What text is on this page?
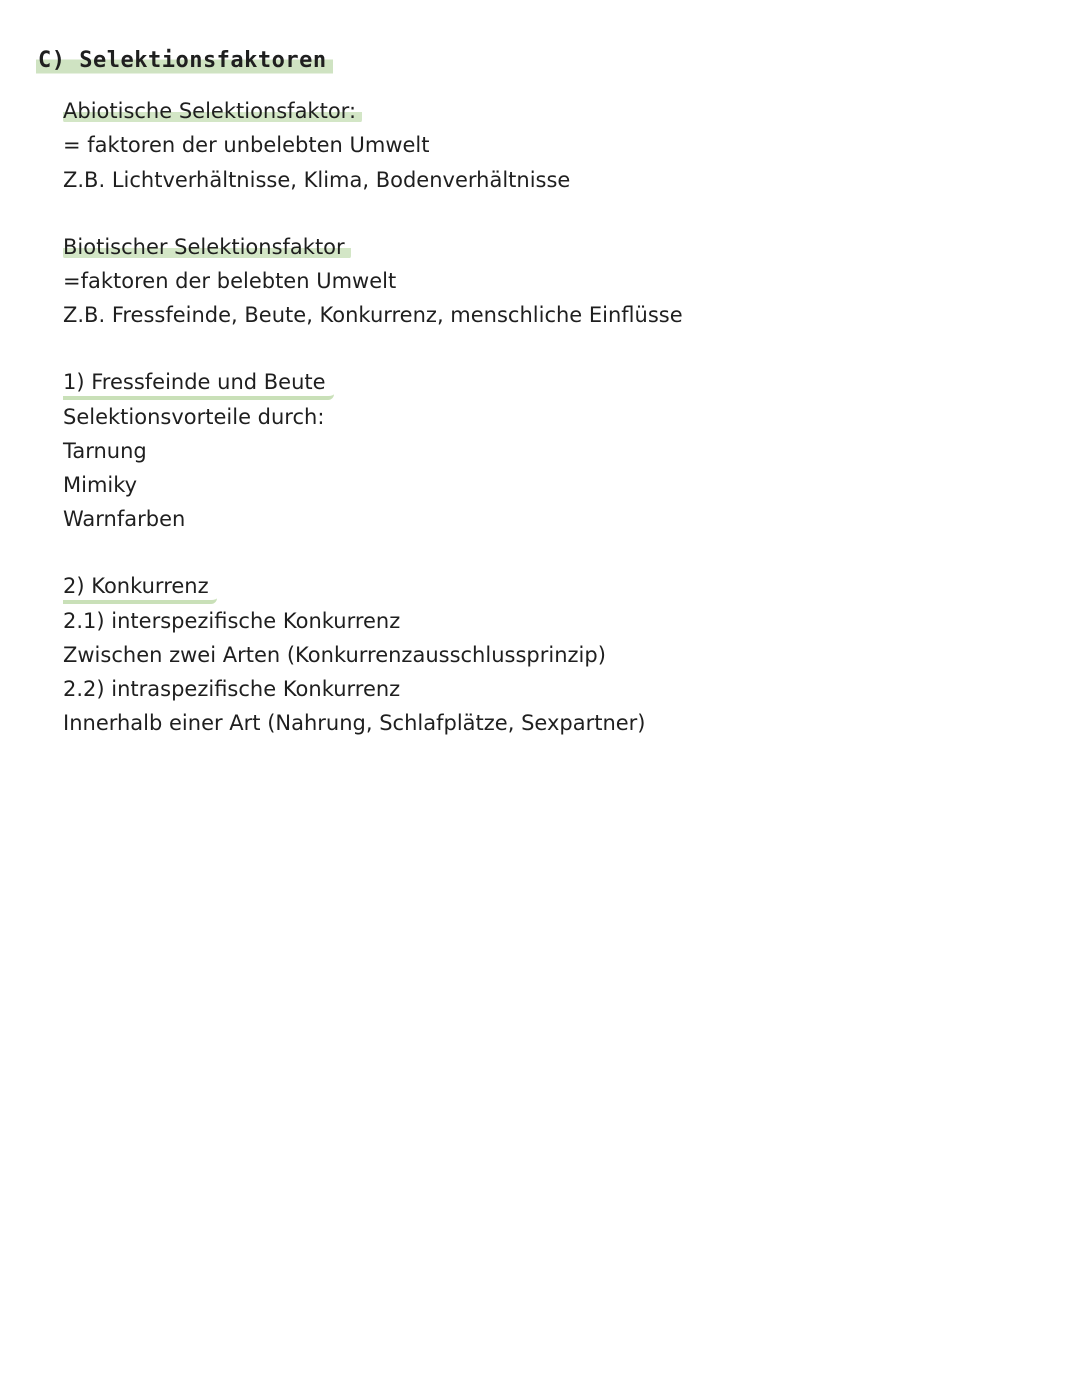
C) Selektionsfaktoren
Abiotische Selektionsfaktor:
= faktoren der unbelebten Umwelt
Z.B. Lichtverhältnisse, Klima, Bodenverhältnisse
Biotischer Selektionsfaktor
=faktoren der belebten Umwelt
Z.B. Fressfeinde, Beute, Konkurrenz, menschliche Einflüsse
1) Fressfeinde und Beute
Selektionsvorteile durch:
Tarnung
Mimiky
Warnfarben
2) Konkurrenz
2.1) interspezifische Konkurrenz
Zwischen zwei Arten (Konkurrenzausschlussprinzip)
2.2) intraspezifische Konkurrenz
Innerhalb einer Art (Nahrung, Schlafplätze, Sexpartner)
